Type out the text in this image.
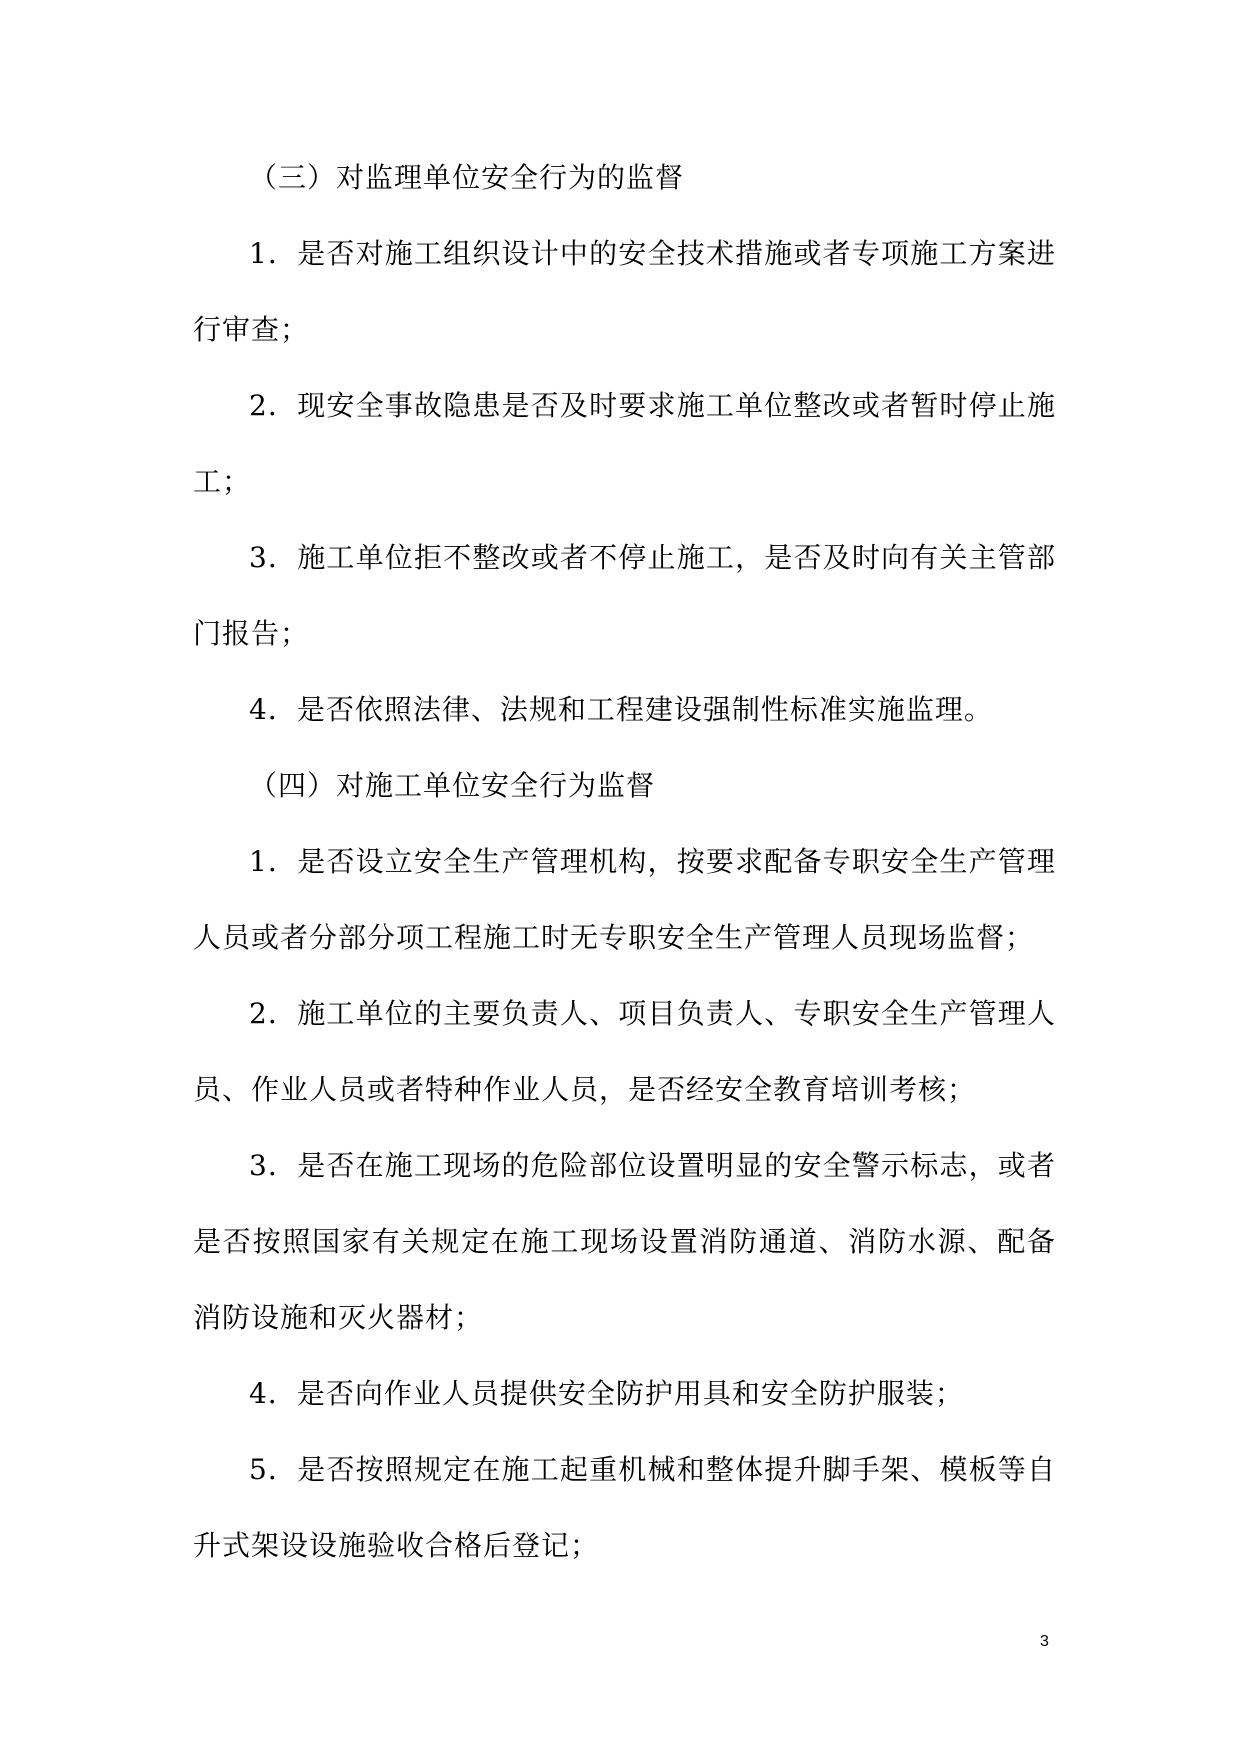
（三）对监理单位安全行为的监督

1．是否对施工组织设计中的安全技术措施或者专项施工方案进行审查；

2．现安全事故隐患是否及时要求施工单位整改或者暂时停止施工；

3．施工单位拒不整改或者不停止施工，是否及时向有关主管部门报告；

4．是否依照法律、法规和工程建设强制性标准实施监理。

（四）对施工单位安全行为监督

1．是否设立安全生产管理机构，按要求配备专职安全生产管理人员或者分部分项工程施工时无专职安全生产管理人员现场监督；

2．施工单位的主要负责人、项目负责人、专职安全生产管理人员、作业人员或者特种作业人员，是否经安全教育培训考核；

3．是否在施工现场的危险部位设置明显的安全警示标志，或者是否按照国家有关规定在施工现场设置消防通道、消防水源、配备消防设施和灭火器材；

4．是否向作业人员提供安全防护用具和安全防护服装；

5．是否按照规定在施工起重机械和整体提升脚手架、模板等自升式架设设施验收合格后登记；

3
